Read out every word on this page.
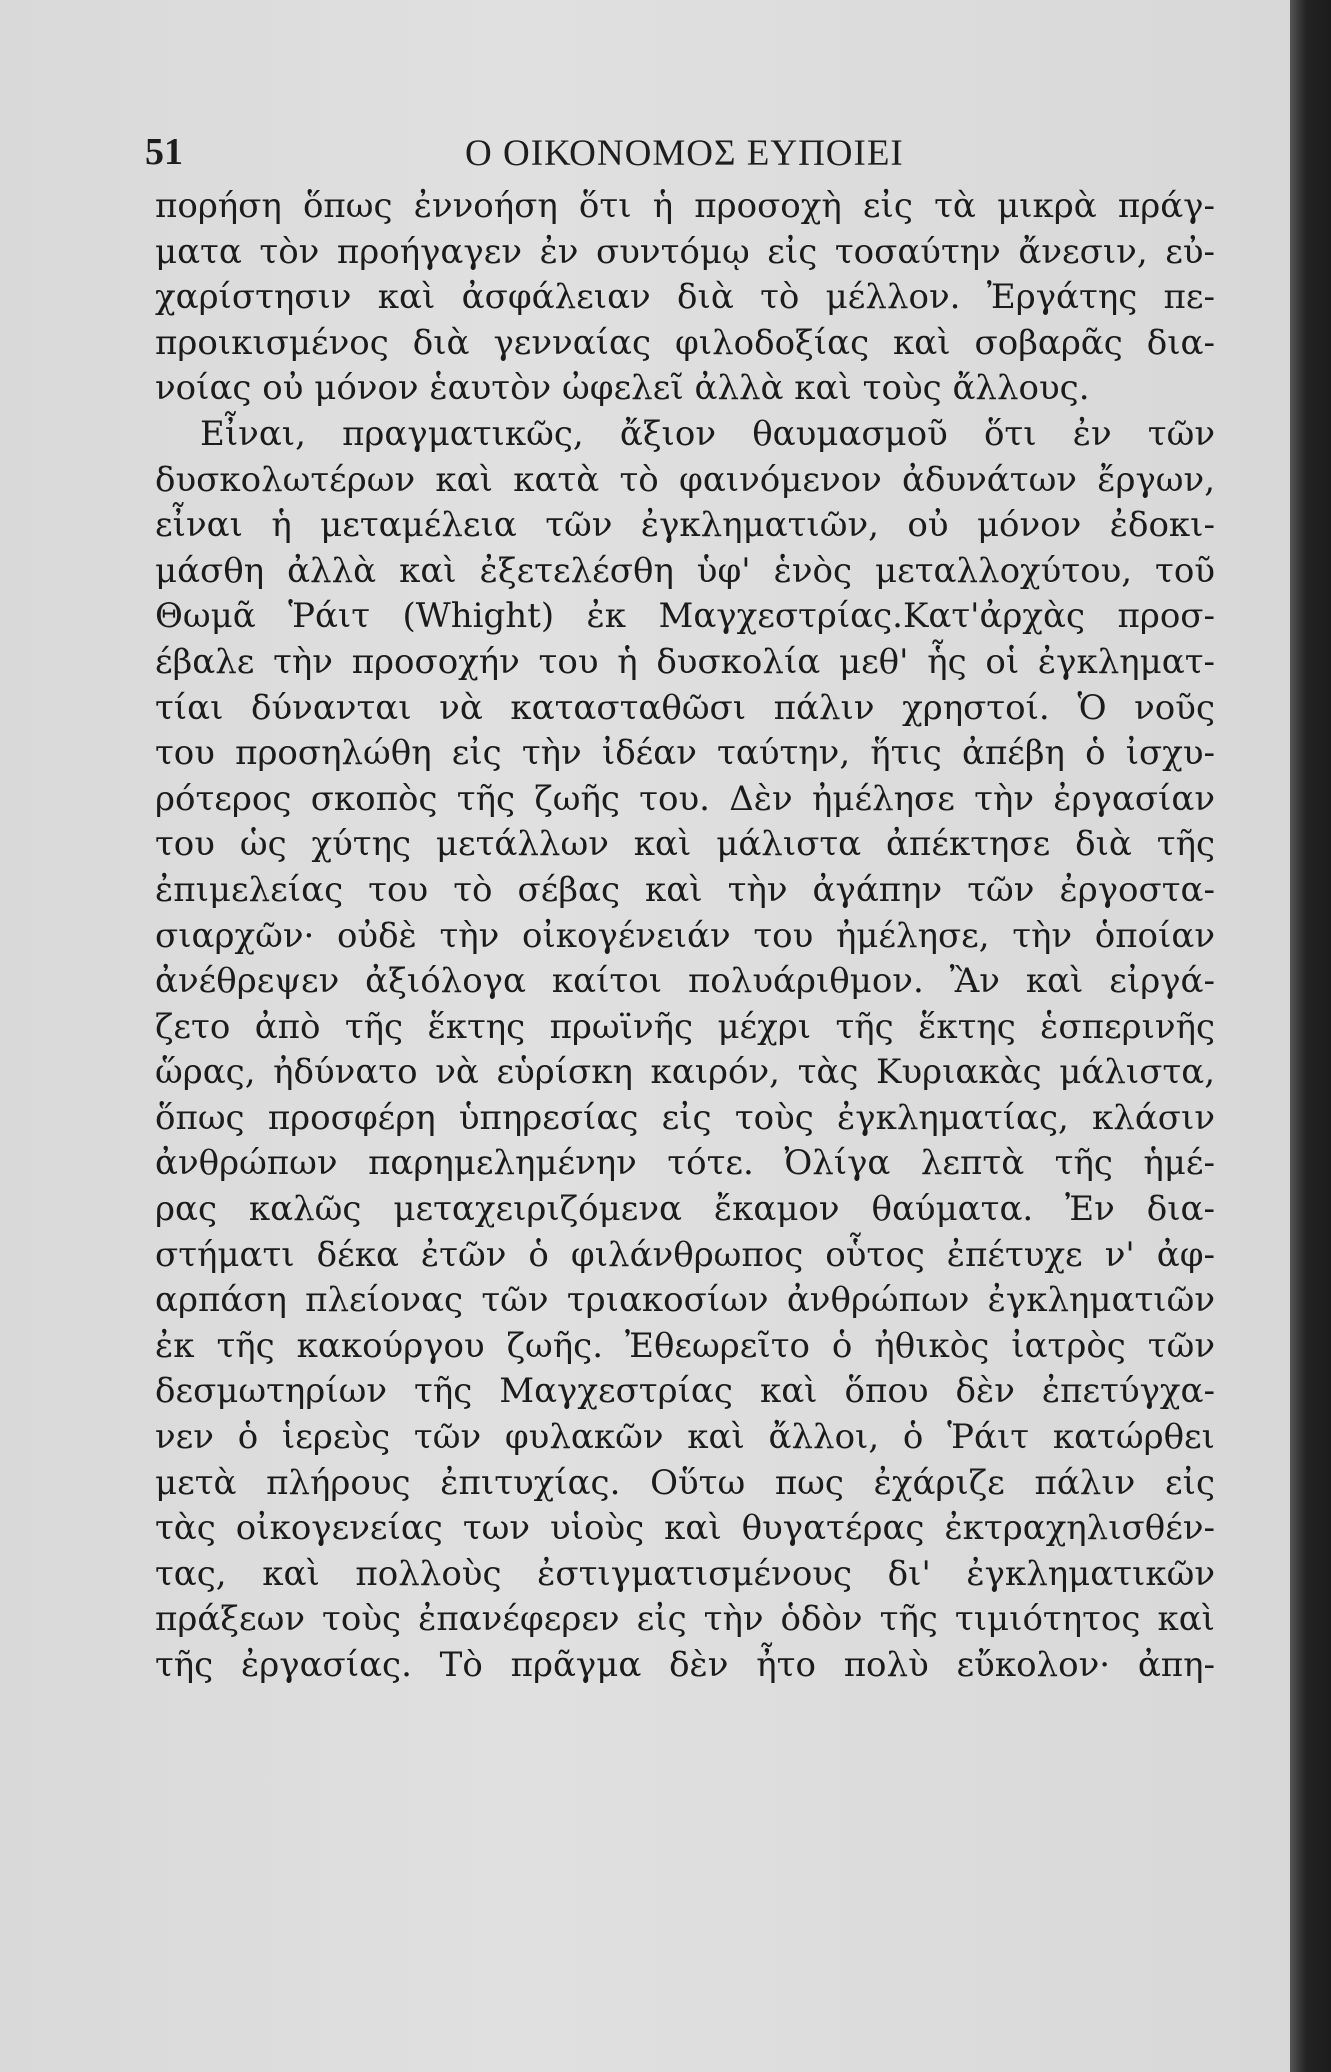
51	Ο ΟΙΚΟΝΟΜΟΣ ΕΥΠΟΙΕΙ
πορήση ὅπως ἐννοήση ὅτι ἡ προσοχὴ εἰς τὰ μικρὰ πράγ-
ματα τὸν προήγαγεν ἐν συντόμῳ εἰς τοσαύτην ἄνεσιν, εὐ-
χαρίστησιν καὶ ἀσφάλειαν διὰ τὸ μέλλον. Ἐργάτης πε-
προικισμένος διὰ γενναίας φιλοδοξίας καὶ σοβαρᾶς δια-
νοίας οὐ μόνον ἑαυτὸν ὠφελεῖ ἀλλὰ καὶ τοὺς ἄλλους.
Εἶναι, πραγματικῶς, ἄξιον θαυμασμοῦ ὅτι ἐν τῶν
δυσκολωτέρων καὶ κατὰ τὸ φαινόμενον ἀδυνάτων ἔργων,
εἶναι ἡ μεταμέλεια τῶν ἐγκληματιῶν, οὐ μόνον ἐδοκι-
μάσθη ἀλλὰ καὶ ἐξετελέσθη ὑφ' ἑνὸς μεταλλοχύτου, τοῦ
Θωμᾶ Ῥάιτ (Whight) ἐκ Μαγχεστρίας.Κατ'ἀρχὰς προσ-
έβαλε τὴν προσοχήν του ἡ δυσκολία μεθ' ἧς οἱ ἐγκληματ-
τίαι δύνανται νὰ κατασταθῶσι πάλιν χρηστοί. Ὁ νοῦς
του προσηλώθη εἰς τὴν ἰδέαν ταύτην, ἥτις ἀπέβη ὁ ἰσχυ-
ρότερος σκοπὸς τῆς ζωῆς του. Δὲν ἠμέλησε τὴν ἐργασίαν
του ὡς χύτης μετάλλων καὶ μάλιστα ἀπέκτησε διὰ τῆς
ἐπιμελείας του τὸ σέβας καὶ τὴν ἀγάπην τῶν ἐργοστα-
σιαρχῶν· οὐδὲ τὴν οἰκογένειάν του ἠμέλησε, τὴν ὁποίαν
ἀνέθρεψεν ἀξιόλογα καίτοι πολυάριθμον. Ἂν καὶ εἰργά-
ζετο ἀπὸ τῆς ἕκτης πρωϊνῆς μέχρι τῆς ἕκτης ἑσπερινῆς
ὥρας, ἠδύνατο νὰ εὑρίσκη καιρόν, τὰς Κυριακὰς μάλιστα,
ὅπως προσφέρη ὑπηρεσίας εἰς τοὺς ἐγκληματίας, κλάσιν
ἀνθρώπων παρημελημένην τότε. Ὀλίγα λεπτὰ τῆς ἡμέ-
ρας καλῶς μεταχειριζόμενα ἔκαμον θαύματα. Ἐν δια-
στήματι δέκα ἐτῶν ὁ φιλάνθρωπος οὗτος ἐπέτυχε ν' ἀφ-
αρπάση πλείονας τῶν τριακοσίων ἀνθρώπων ἐγκληματιῶν
ἐκ τῆς κακούργου ζωῆς. Ἐθεωρεῖτο ὁ ἠθικὸς ἰατρὸς τῶν
δεσμωτηρίων τῆς Μαγχεστρίας καὶ ὅπου δὲν ἐπετύγχα-
νεν ὁ ἱερεὺς τῶν φυλακῶν καὶ ἄλλοι, ὁ Ῥάιτ κατώρθει
μετὰ πλήρους ἐπιτυχίας. Οὕτω πως ἐχάριζε πάλιν εἰς
τὰς οἰκογενείας των υἱοὺς καὶ θυγατέρας ἐκτραχηλισθέν-
τας, καὶ πολλοὺς ἐστιγματισμένους δι' ἐγκληματικῶν
πράξεων τοὺς ἐπανέφερεν εἰς τὴν ὁδὸν τῆς τιμιότητος καὶ
τῆς ἐργασίας. Τὸ πρᾶγμα δὲν ἦτο πολὺ εὔκολον· ἀπη-
